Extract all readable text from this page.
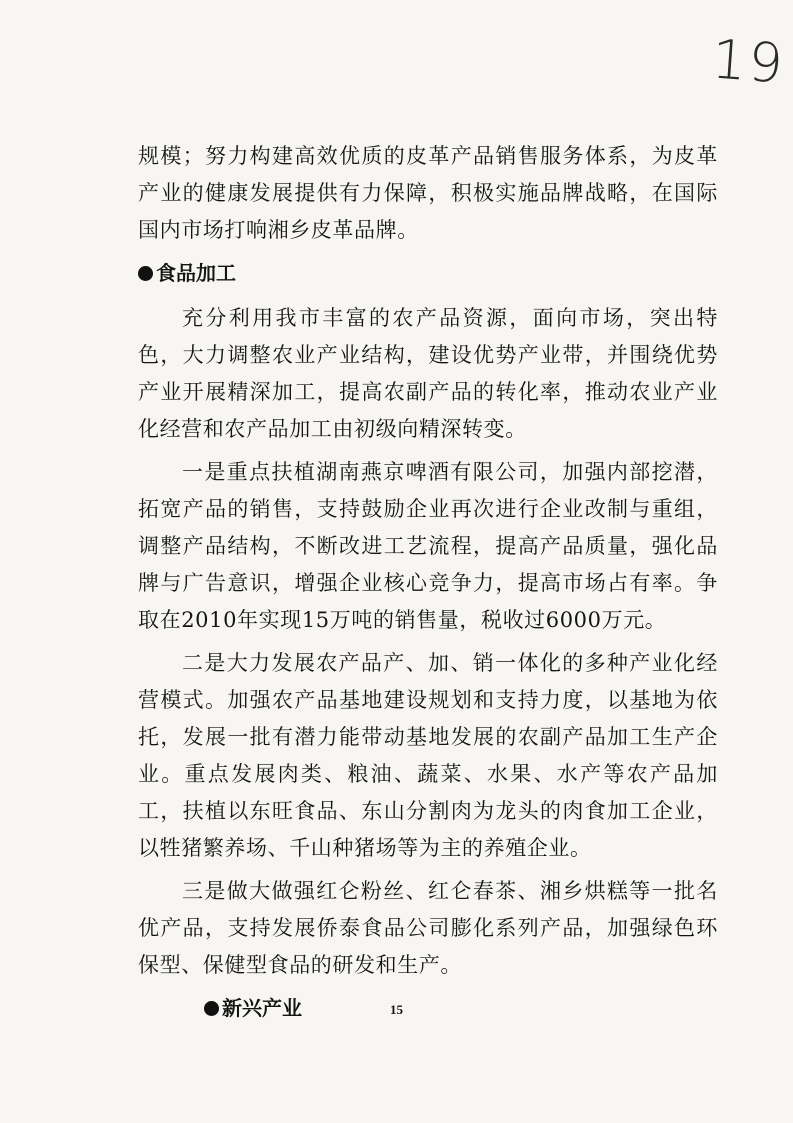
19

规模；努力构建高效优质的皮革产品销售服务体系，为皮革产业的健康发展提供有力保障，积极实施品牌战略，在国际国内市场打响湘乡皮革品牌。

食品加工

充分利用我市丰富的农产品资源，面向市场，突出特色，大力调整农业产业结构，建设优势产业带，并围绕优势产业开展精深加工，提高农副产品的转化率，推动农业产业化经营和农产品加工由初级向精深转变。

一是重点扶植湖南燕京啤酒有限公司，加强内部挖潜，拓宽产品的销售，支持鼓励企业再次进行企业改制与重组，调整产品结构，不断改进工艺流程，提高产品质量，强化品牌与广告意识，增强企业核心竞争力，提高市场占有率。争取在2010年实现15万吨的销售量，税收过6000万元。

二是大力发展农产品产、加、销一体化的多种产业化经营模式。加强农产品基地建设规划和支持力度，以基地为依托，发展一批有潜力能带动基地发展的农副产品加工生产企业。重点发展肉类、粮油、蔬菜、水果、水产等农产品加工，扶植以东旺食品、东山分割肉为龙头的肉食加工企业，以牲猪繁养场、千山种猪场等为主的养殖企业。

三是做大做强红仑粉丝、红仑春茶、湘乡烘糕等一批名优产品，支持发展侨泰食品公司膨化系列产品，加强绿色环保型、保健型食品的研发和生产。

新兴产业	15
